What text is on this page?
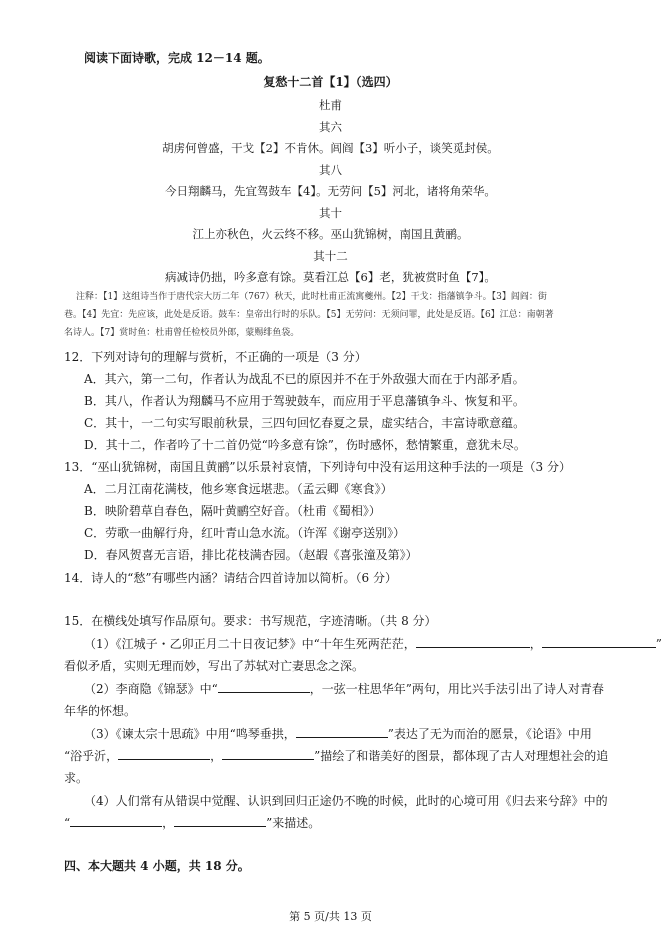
阅读下面诗歌，完成 12－14 题。
复愁十二首【1】（选四）
杜甫
其六
胡虏何曾盛，干戈【2】不肯休。闾阎【3】听小子，谈笑觅封侯。
其八
今日翔麟马，先宜驾鼓车【4】。无劳问【5】河北，诸将角荣华。
其十
江上亦秋色，火云终不移。巫山犹锦树，南国且黄鹂。
其十二
病减诗仍拙，吟多意有馀。莫看江总【6】老，犹被赏时鱼【7】。
注释：【1】这组诗当作于唐代宗大历二年（767）秋天，此时杜甫正流寓夔州。【2】干戈：指藩镇争斗。【3】闾阎：街
巷。【4】先宜：先应该，此处是反语。鼓车：皇帝出行时的乐队。【5】无劳问：无须问罪，此处是反语。【6】江总：南朝著
名诗人。【7】赏时鱼：杜甫曾任检校员外郎，蒙赐绯鱼袋。
12．下列对诗句的理解与赏析，不正确的一项是（3 分）
A．其六，第一二句，作者认为战乱不已的原因并不在于外敌强大而在于内部矛盾。
B．其八，作者认为翔麟马不应用于驾驶鼓车，而应用于平息藩镇争斗、恢复和平。
C．其十，一二句实写眼前秋景，三四句回忆春夏之景，虚实结合，丰富诗歌意蕴。
D．其十二，作者吟了十二首仍觉“吟多意有馀”，伤时感怀，愁情繁重，意犹未尽。
13．“巫山犹锦树，南国且黄鹂”以乐景衬哀情，下列诗句中没有运用这种手法的一项是（3 分）
A．二月江南花满枝，他乡寒食远堪悲。（孟云卿《寒食》）
B．映阶碧草自春色，隔叶黄鹂空好音。（杜甫《蜀相》）
C．劳歌一曲解行舟，红叶青山急水流。（许浑《谢亭送别》）
D．春风贺喜无言语，排比花枝满杏园。（赵嘏《喜张潼及第》）
14．诗人的“愁”有哪些内涵？请结合四首诗加以简析。（6 分）
15．在横线处填写作品原句。要求：书写规范，字迹清晰。（共 8 分）
（1）《江城子・乙卯正月二十日夜记梦》中“十年生死两茫茫，	，	”
看似矛盾，实则无理而妙，写出了苏轼对亡妻思念之深。
（2）李商隐《锦瑟》中“	，一弦一柱思华年”两句，用比兴手法引出了诗人对青春
年华的怀想。
（3）《谏太宗十思疏》中用“鸣琴垂拱，	”表达了无为而治的愿景，《论语》中用
“浴乎沂，	，	”描绘了和谐美好的图景，都体现了古人对理想社会的追
求。
（4）人们常有从错误中觉醒、认识到回归正途仍不晚的时候，此时的心境可用《归去来兮辞》中的
“	，	”来描述。
四、本大题共 4 小题，共 18 分。
第 5 页/共 13 页
